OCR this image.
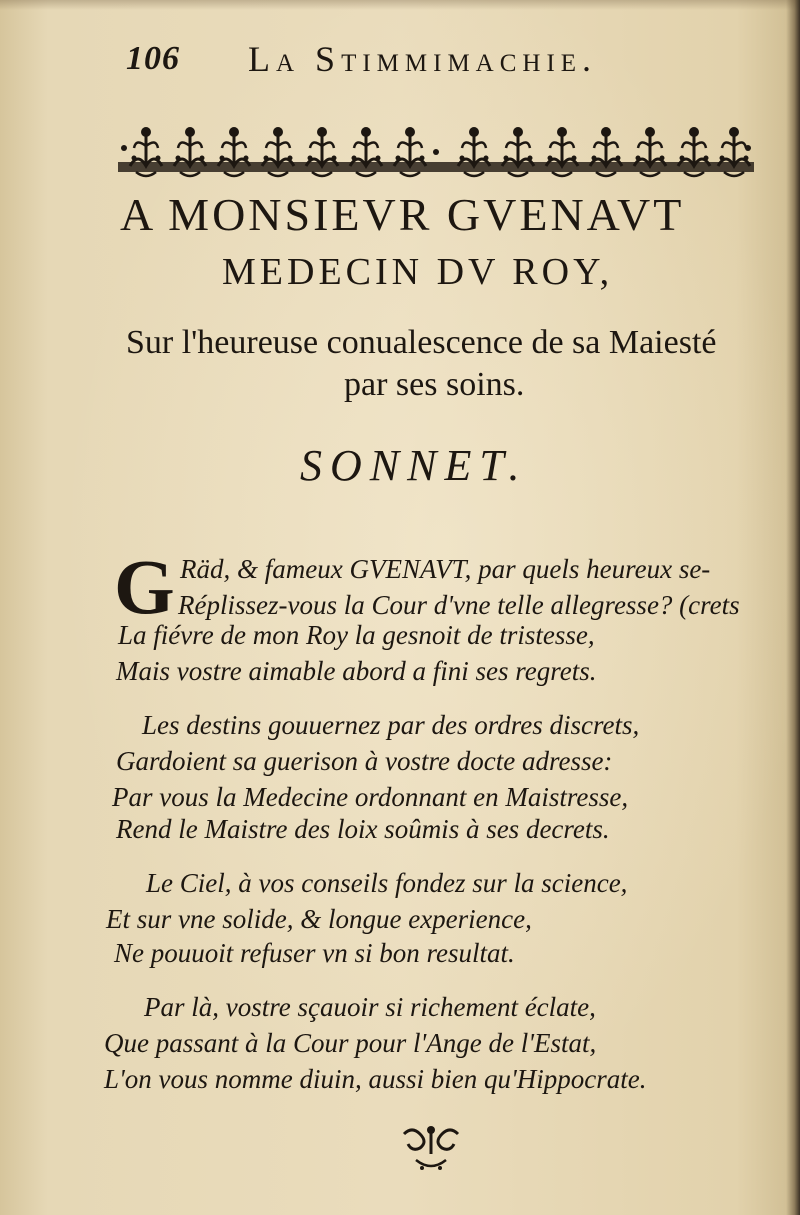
106 La Stimmimachie.
A MONSIEVR GVENAVT
MEDECIN DV ROY,
Sur l'heureuse conualescence de sa Maiesté
par ses soins.
SONNET.
G Räd, & fameux GVENAVT, par quels heureux se-
Réplissez-vous la Cour d'vne telle allegresse? (crets
La fiévre de mon Roy la gesnoit de tristesse,
Mais vostre aimable abord a fini ses regrets.
Les destins gouuernez par des ordres discrets,
Gardoient sa guerison à vostre docte adresse:
Par vous la Medecine ordonnant en Maistresse,
Rend le Maistre des loix soûmis à ses decrets.
Le Ciel, à vos conseils fondez sur la science,
Et sur vne solide, & longue experience,
Ne pouuoit refuser vn si bon resultat.
Par là, vostre sçauoir si richement éclate,
Que passant à la Cour pour l'Ange de l'Estat,
L'on vous nomme diuin, aussi bien qu'Hippocrate.
